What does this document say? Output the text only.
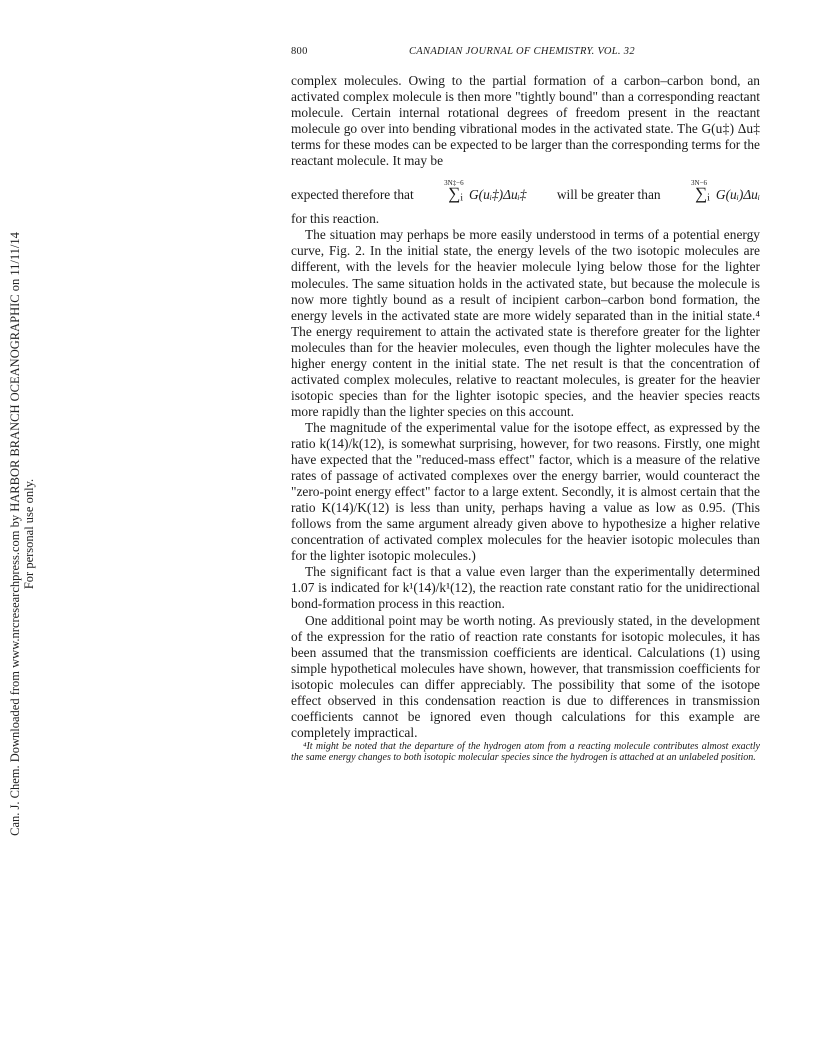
Can. J. Chem. Downloaded from www.nrcresearchpress.com by HARBOR BRANCH OCEANOGRAPHIC on 11/11/14 For personal use only.
800	CANADIAN JOURNAL OF CHEMISTRY. VOL. 32

complex molecules. Owing to the partial formation of a carbon–carbon bond, an activated complex molecule is then more "tightly bound" than a corresponding reactant molecule. Certain internal rotational degrees of freedom present in the reactant molecule go over into bending vibrational modes in the activated state. The G(u‡) Δu‡ terms for these modes can be expected to be larger than the corresponding terms for the reactant molecule. It may be

expected therefore that
3N‡−6
∑ᵢ G(uᵢ‡)Δuᵢ‡ will be greater than
3N−6
∑ᵢ G(uᵢ)Δuᵢ

for this reaction.

The situation may perhaps be more easily understood in terms of a potential energy curve, Fig. 2. In the initial state, the energy levels of the two isotopic molecules are different, with the levels for the heavier molecule lying below those for the lighter molecules. The same situation holds in the activated state, but because the molecule is now more tightly bound as a result of incipient carbon–carbon bond formation, the energy levels in the activated state are more widely separated than in the initial state.⁴ The energy requirement to attain the activated state is therefore greater for the lighter molecules than for the heavier molecules, even though the lighter molecules have the higher energy content in the initial state. The net result is that the concentration of activated complex molecules, relative to reactant molecules, is greater for the heavier isotopic species than for the lighter isotopic species, and the heavier species reacts more rapidly than the lighter species on this account.

The magnitude of the experimental value for the isotope effect, as expressed by the ratio k(14)/k(12), is somewhat surprising, however, for two reasons. Firstly, one might have expected that the "reduced-mass effect" factor, which is a measure of the relative rates of passage of activated complexes over the energy barrier, would counteract the "zero-point energy effect" factor to a large extent. Secondly, it is almost certain that the ratio K(14)/K(12) is less than unity, perhaps having a value as low as 0.95. (This follows from the same argument already given above to hypothesize a higher relative concentration of activated complex molecules for the heavier isotopic molecules than for the lighter isotopic molecules.)

The significant fact is that a value even larger than the experimentally determined 1.07 is indicated for k¹(14)/k¹(12), the reaction rate constant ratio for the unidirectional bond-formation process in this reaction.

One additional point may be worth noting. As previously stated, in the development of the expression for the ratio of reaction rate constants for isotopic molecules, it has been assumed that the transmission coefficients are identical. Calculations (1) using simple hypothetical molecules have shown, however, that transmission coefficients for isotopic molecules can differ appreciably. The possibility that some of the isotope effect observed in this condensation reaction is due to differences in transmission coefficients cannot be ignored even though calculations for this example are completely impractical.

⁴It might be noted that the departure of the hydrogen atom from a reacting molecule contributes almost exactly the same energy changes to both isotopic molecular species since the hydrogen is attached at an unlabeled position.
